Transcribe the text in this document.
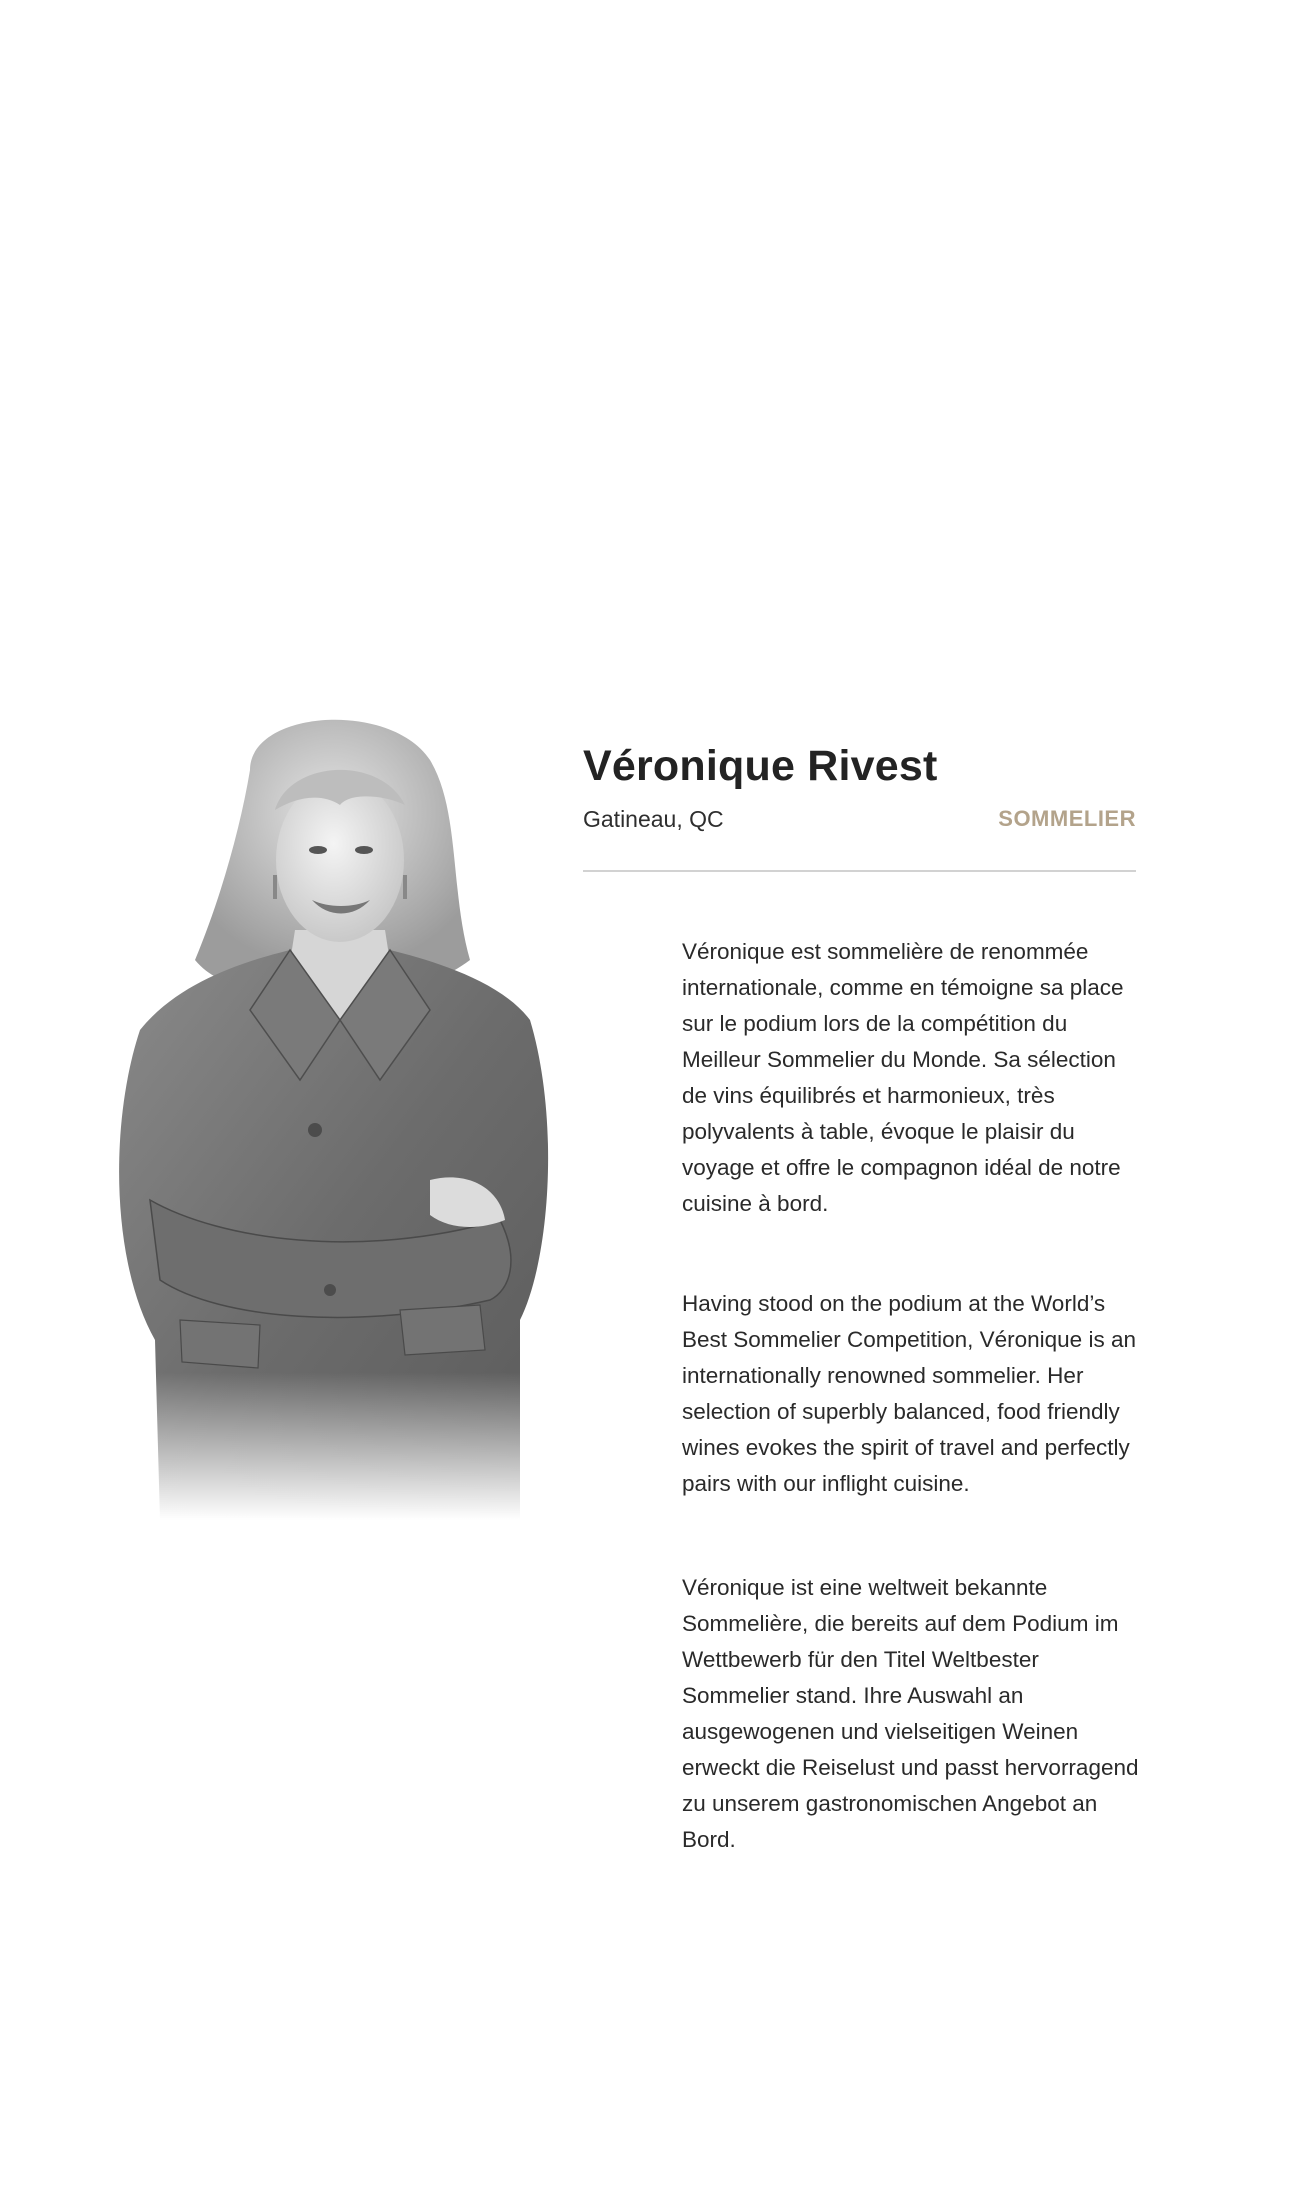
Véronique Rivest
Gatineau, QC	SOMMELIER

Véronique est sommelière de renommée internationale, comme en témoigne sa place sur le podium lors de la compétition du Meilleur Sommelier du Monde. Sa sélection de vins équilibrés et harmonieux, très polyvalents à table, évoque le plaisir du voyage et offre le compagnon idéal de notre cuisine à bord.

Having stood on the podium at the World’s Best Sommelier Competition, Véronique is an internationally renowned sommelier. Her selection of superbly balanced, food friendly wines evokes the spirit of travel and perfectly pairs with our inflight cuisine.

Véronique ist eine weltweit bekannte Sommelière, die bereits auf dem Podium im Wettbewerb für den Titel Weltbester Sommelier stand. Ihre Auswahl an ausgewogenen und vielseitigen Weinen erweckt die Reiselust und passt hervorragend zu unserem gastronomischen Angebot an Bord.
